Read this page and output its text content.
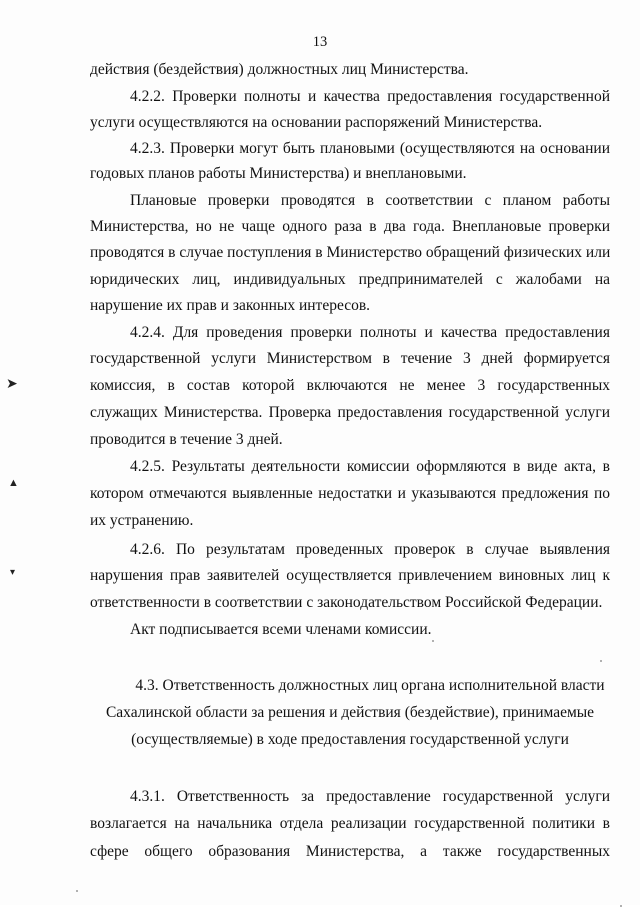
13
действия (бездействия) должностных лиц Министерства.
4.2.2. Проверки полноты и качества предоставления государственной
услуги осуществляются на основании распоряжений Министерства.
4.2.3. Проверки могут быть плановыми (осуществляются на основании
годовых планов работы Министерства) и внеплановыми.
Плановые проверки проводятся в соответствии с планом работы
Министерства, но не чаще одного раза в два года. Внеплановые проверки
проводятся в случае поступления в Министерство обращений физических или
юридических лиц, индивидуальных предпринимателей с жалобами на
нарушение их прав и законных интересов.
4.2.4. Для проведения проверки полноты и качества предоставления
государственной услуги Министерством в течение 3 дней формируется
комиссия, в состав которой включаются не менее 3 государственных
служащих Министерства. Проверка предоставления государственной услуги
проводится в течение 3 дней.
4.2.5. Результаты деятельности комиссии оформляются в виде акта, в
котором отмечаются выявленные недостатки и указываются предложения по
их устранению.
4.2.6. По результатам проведенных проверок в случае выявления
нарушения прав заявителей осуществляется привлечением виновных лиц к
ответственности в соответствии с законодательством Российской Федерации.
Акт подписывается всеми членами комиссии.
4.3. Ответственность должностных лиц органа исполнительной власти
Сахалинской области за решения и действия (бездействие), принимаемые
(осуществляемые) в ходе предоставления государственной услуги
4.3.1. Ответственность за предоставление государственной услуги
возлагается на начальника отдела реализации государственной политики в
сфере общего образования Министерства, а также государственных
➤
▲
▾
